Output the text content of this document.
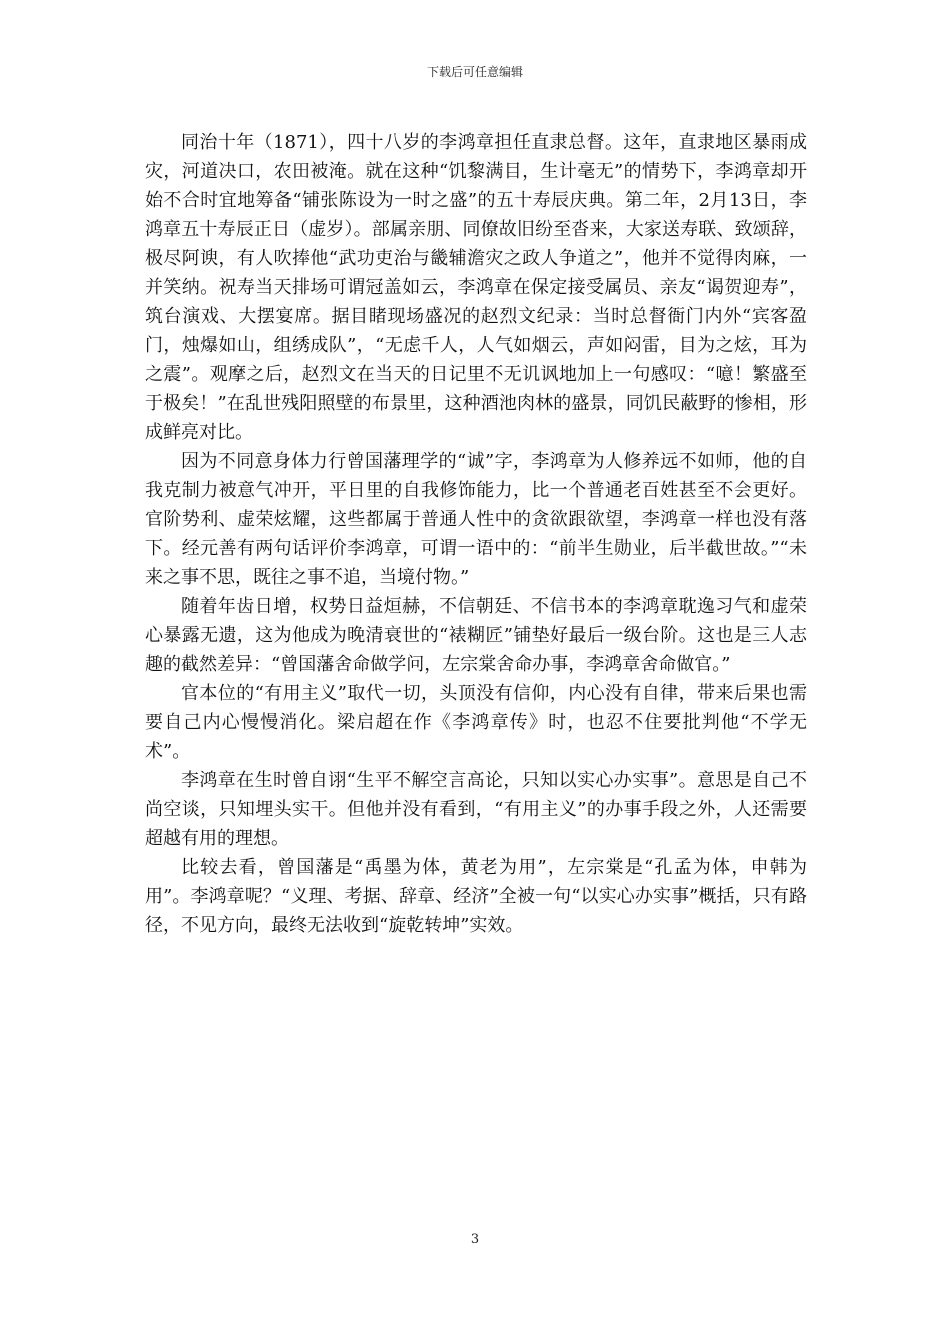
下载后可任意编辑

同治十年（1871），四十八岁的李鸿章担任直隶总督。这年，直隶地区暴雨成灾，河道决口，农田被淹。就在这种“饥黎满目，生计毫无”的情势下，李鸿章却开始不合时宜地筹备“铺张陈设为一时之盛”的五十寿辰庆典。第二年，2月13日，李鸿章五十寿辰正日（虚岁）。部属亲朋、同僚故旧纷至沓来，大家送寿联、致颂辞，极尽阿谀，有人吹捧他“武功吏治与畿辅澹灾之政人争道之”，他并不觉得肉麻，一并笑纳。祝寿当天排场可谓冠盖如云，李鸿章在保定接受属员、亲友“谒贺迎寿”，筑台演戏、大摆宴席。据目睹现场盛况的赵烈文纪录：当时总督衙门内外“宾客盈门，烛爆如山，组绣成队”，“无虑千人，人气如烟云，声如闷雷，目为之炫，耳为之震”。观摩之后，赵烈文在当天的日记里不无讥讽地加上一句感叹：“噫！繁盛至于极矣！”在乱世残阳照壁的布景里，这种酒池肉林的盛景，同饥民蔽野的惨相，形成鲜亮对比。

因为不同意身体力行曾国藩理学的“诚”字，李鸿章为人修养远不如师，他的自我克制力被意气冲开，平日里的自我修饰能力，比一个普通老百姓甚至不会更好。官阶势利、虚荣炫耀，这些都属于普通人性中的贪欲跟欲望，李鸿章一样也没有落下。经元善有两句话评价李鸿章，可谓一语中的：“前半生勋业，后半截世故。”“未来之事不思，既往之事不追，当境付物。”

随着年齿日增，权势日益烜赫，不信朝廷、不信书本的李鸿章耽逸习气和虚荣心暴露无遗，这为他成为晚清衰世的“裱糊匠”铺垫好最后一级台阶。这也是三人志趣的截然差异：“曾国藩舍命做学问，左宗棠舍命办事，李鸿章舍命做官。”

官本位的“有用主义”取代一切，头顶没有信仰，内心没有自律，带来后果也需要自己内心慢慢消化。梁启超在作《李鸿章传》时，也忍不住要批判他“不学无术”。

李鸿章在生时曾自诩“生平不解空言高论，只知以实心办实事”。意思是自己不尚空谈，只知埋头实干。但他并没有看到，“有用主义”的办事手段之外，人还需要超越有用的理想。

比较去看，曾国藩是“禹墨为体，黄老为用”，左宗棠是“孔孟为体，申韩为用”。李鸿章呢？“义理、考据、辞章、经济”全被一句“以实心办实事”概括，只有路径，不见方向，最终无法收到“旋乾转坤”实效。

3
